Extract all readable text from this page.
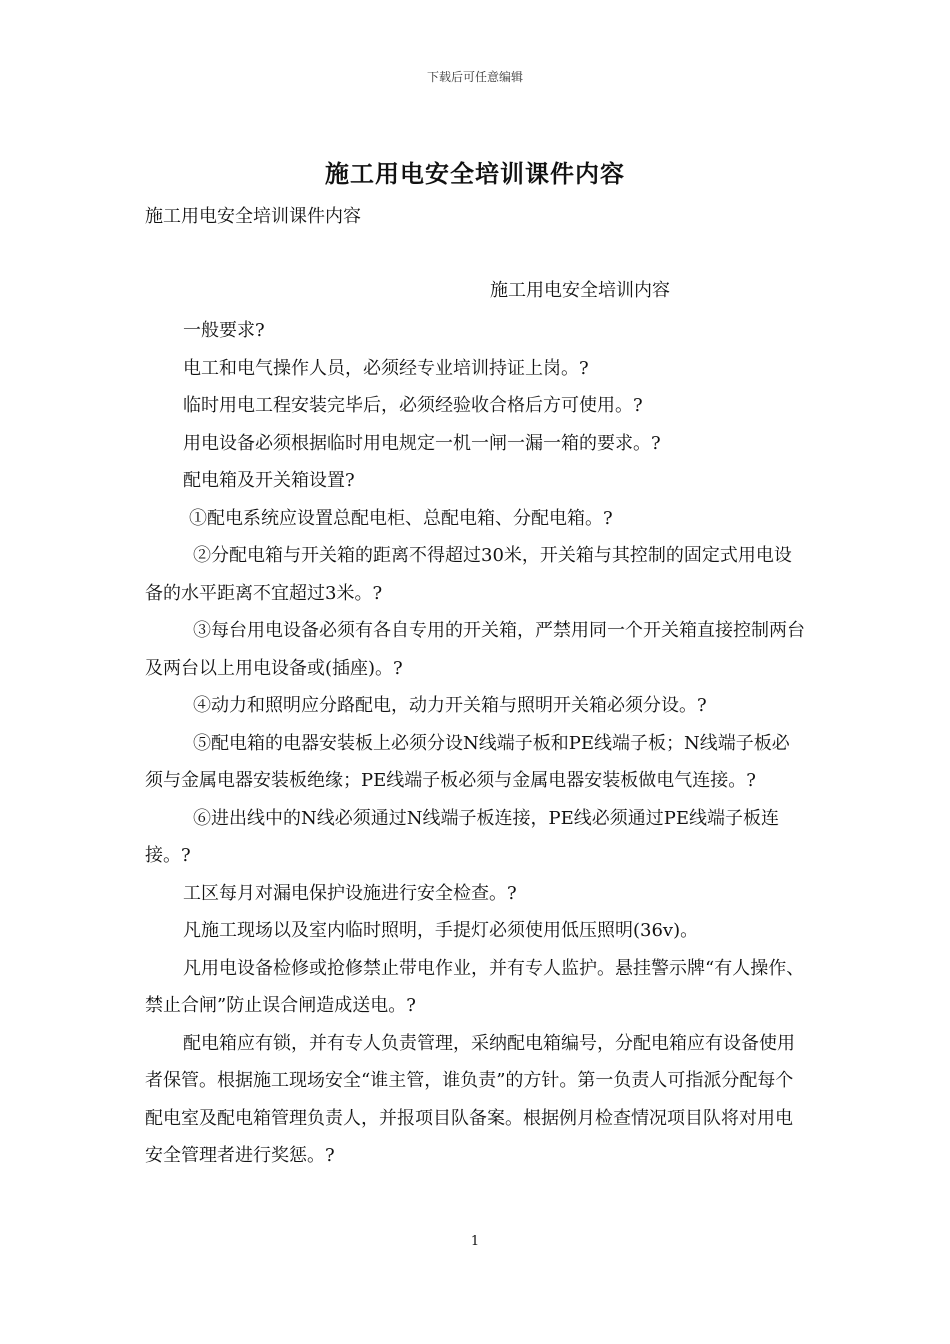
下载后可任意编辑
施工用电安全培训课件内容
施工用电安全培训课件内容
施工用电安全培训内容

一般要求?

电工和电气操作人员，必须经专业培训持证上岗。?

临时用电工程安装完毕后，必须经验收合格后方可使用。?

用电设备必须根据临时用电规定一机一闸一漏一箱的要求。?

配电箱及开关箱设置?

①配电系统应设置总配电柜、总配电箱、分配电箱。?

②分配电箱与开关箱的距离不得超过30米，开关箱与其控制的固定式用电设备的水平距离不宜超过3米。?

③每台用电设备必须有各自专用的开关箱，严禁用同一个开关箱直接控制两台及两台以上用电设备或(插座)。?

④动力和照明应分路配电，动力开关箱与照明开关箱必须分设。?

⑤配电箱的电器安装板上必须分设N线端子板和PE线端子板；N线端子板必须与金属电器安装板绝缘；PE线端子板必须与金属电器安装板做电气连接。?

⑥进出线中的N线必须通过N线端子板连接，PE线必须通过PE线端子板连接。?

工区每月对漏电保护设施进行安全检查。?

凡施工现场以及室内临时照明，手提灯必须使用低压照明(36v)。

凡用电设备检修或抢修禁止带电作业，并有专人监护。悬挂警示牌“有人操作、禁止合闸”防止误合闸造成送电。?

配电箱应有锁，并有专人负责管理，采纳配电箱编号，分配电箱应有设备使用者保管。根据施工现场安全“谁主管，谁负责”的方针。第一负责人可指派分配每个配电室及配电箱管理负责人，并报项目队备案。根据例月检查情况项目队将对用电安全管理者进行奖惩。?

1
